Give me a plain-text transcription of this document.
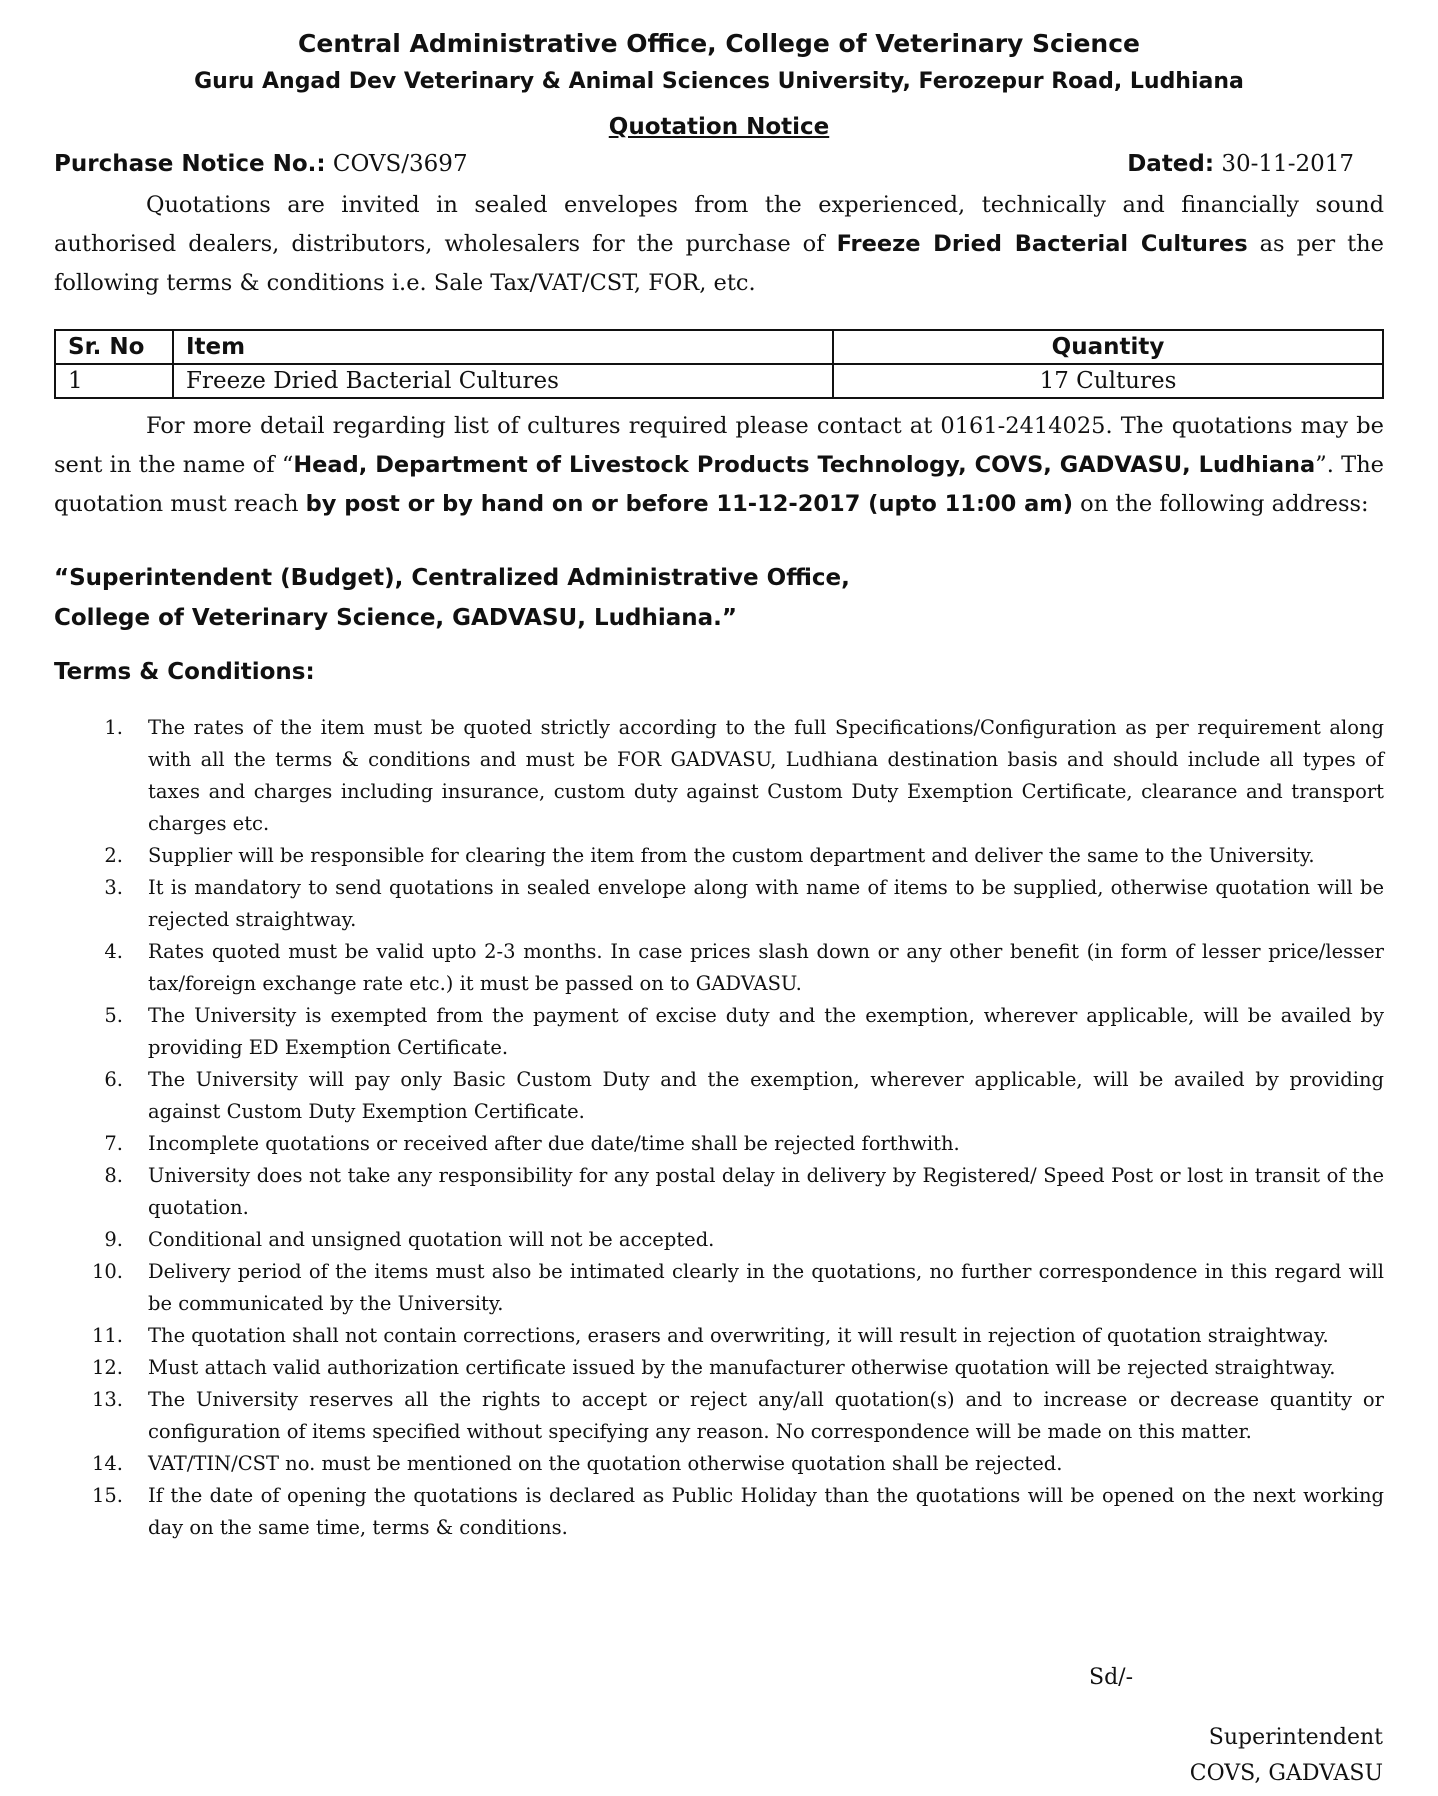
Central Administrative Office, College of Veterinary Science
Guru Angad Dev Veterinary & Animal Sciences University, Ferozepur Road, Ludhiana
Quotation Notice
Purchase Notice No.: COVS/3697	Dated: 30-11-2017

Quotations are invited in sealed envelopes from the experienced, technically and financially sound authorised dealers, distributors, wholesalers for the purchase of Freeze Dried Bacterial Cultures as per the following terms & conditions i.e. Sale Tax/VAT/CST, FOR, etc.

Sr. No	Item	Quantity
1	Freeze Dried Bacterial Cultures	17 Cultures

For more detail regarding list of cultures required please contact at 0161-2414025. The quotations may be sent in the name of “Head, Department of Livestock Products Technology, COVS, GADVASU, Ludhiana”. The quotation must reach by post or by hand on or before 11-12-2017 (upto 11:00 am) on the following address:

“Superintendent (Budget), Centralized Administrative Office,
College of Veterinary Science, GADVASU, Ludhiana.”
Terms & Conditions:
1.	The rates of the item must be quoted strictly according to the full Specifications/Configuration as per requirement along with all the terms & conditions and must be FOR GADVASU, Ludhiana destination basis and should include all types of taxes and charges including insurance, custom duty against Custom Duty Exemption Certificate, clearance and transport charges etc.
2.	Supplier will be responsible for clearing the item from the custom department and deliver the same to the University.
3.	It is mandatory to send quotations in sealed envelope along with name of items to be supplied, otherwise quotation will be rejected straightway.
4.	Rates quoted must be valid upto 2-3 months. In case prices slash down or any other benefit (in form of lesser price/lesser tax/foreign exchange rate etc.) it must be passed on to GADVASU.
5.	The University is exempted from the payment of excise duty and the exemption, wherever applicable, will be availed by providing ED Exemption Certificate.
6.	The University will pay only Basic Custom Duty and the exemption, wherever applicable, will be availed by providing against Custom Duty Exemption Certificate.
7.	Incomplete quotations or received after due date/time shall be rejected forthwith.
8.	University does not take any responsibility for any postal delay in delivery by Registered/ Speed Post or lost in transit of the quotation.
9.	Conditional and unsigned quotation will not be accepted.
10.	Delivery period of the items must also be intimated clearly in the quotations, no further correspondence in this regard will be communicated by the University.
11.	The quotation shall not contain corrections, erasers and overwriting, it will result in rejection of quotation straightway.
12.	Must attach valid authorization certificate issued by the manufacturer otherwise quotation will be rejected straightway.
13.	The University reserves all the rights to accept or reject any/all quotation(s) and to increase or decrease quantity or configuration of items specified without specifying any reason. No correspondence will be made on this matter.
14.	VAT/TIN/CST no. must be mentioned on the quotation otherwise quotation shall be rejected.
15.	If the date of opening the quotations is declared as Public Holiday than the quotations will be opened on the next working day on the same time, terms & conditions.
Sd/-
Superintendent
COVS, GADVASU
